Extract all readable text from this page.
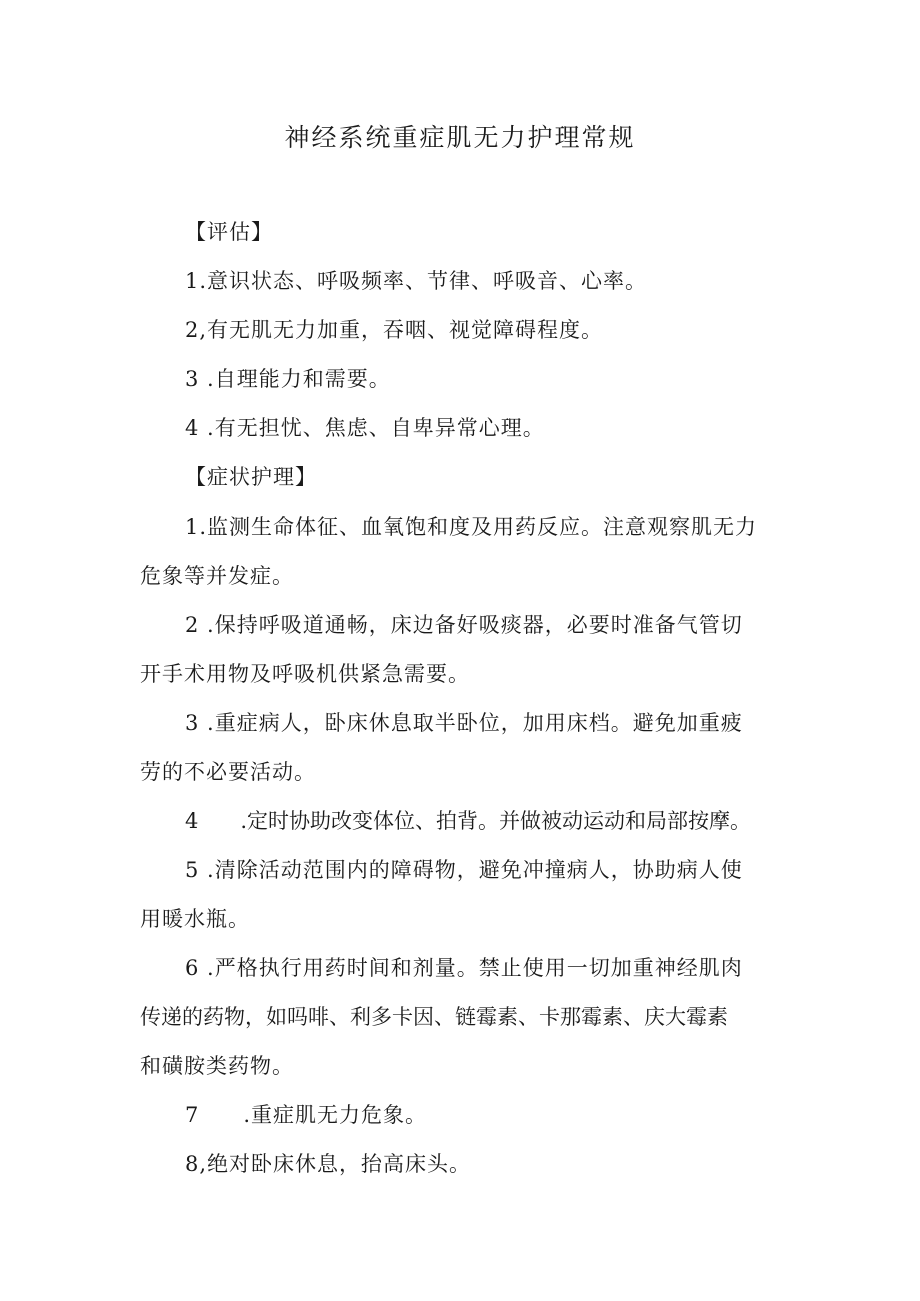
神经系统重症肌无力护理常规
【评估】
1.意识状态、呼吸频率、节律、呼吸音、心率。
2,有无肌无力加重，吞咽、视觉障碍程度。
3 .自理能力和需要。
4 .有无担忧、焦虑、自卑异常心理。
【症状护理】
1.监测生命体征、血氧饱和度及用药反应。注意观察肌无力
危象等并发症。
2 .保持呼吸道通畅，床边备好吸痰器，必要时准备气管切
开手术用物及呼吸机供紧急需要。
3 .重症病人，卧床休息取半卧位，加用床档。避免加重疲
劳的不必要活动。
4　　.定时协助改变体位、拍背。并做被动运动和局部按摩。
5 .清除活动范围内的障碍物，避免冲撞病人，协助病人使
用暖水瓶。
6 .严格执行用药时间和剂量。禁止使用一切加重神经肌肉
传递的药物，如吗啡、利多卡因、链霉素、卡那霉素、庆大霉素
和磺胺类药物。
7　　.重症肌无力危象。
8,绝对卧床休息，抬高床头。
